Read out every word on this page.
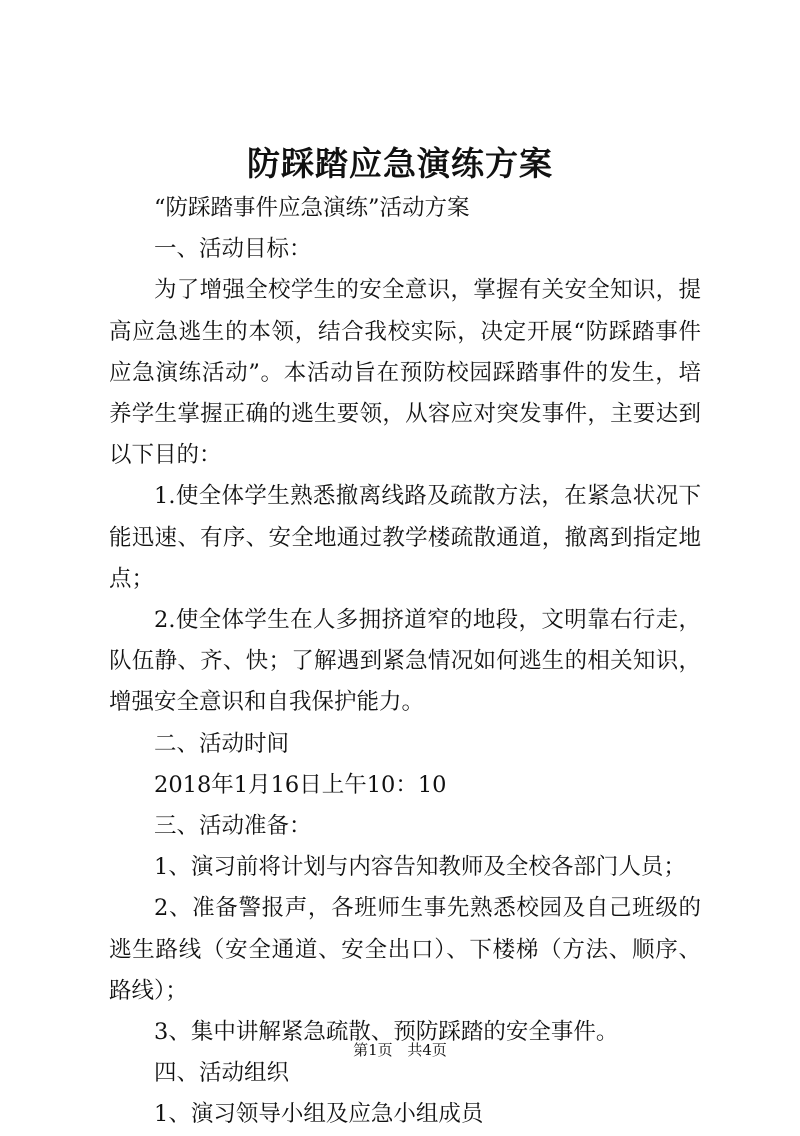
防踩踏应急演练方案

“防踩踏事件应急演练”活动方案

一、活动目标：

为了增强全校学生的安全意识，掌握有关安全知识，提高应急逃生的本领，结合我校实际，决定开展“防踩踏事件应急演练活动”。本活动旨在预防校园踩踏事件的发生，培养学生掌握正确的逃生要领，从容应对突发事件，主要达到以下目的：

1.使全体学生熟悉撤离线路及疏散方法，在紧急状况下能迅速、有序、安全地通过教学楼疏散通道，撤离到指定地点；

2.使全体学生在人多拥挤道窄的地段，文明靠右行走，队伍静、齐、快；了解遇到紧急情况如何逃生的相关知识，增强安全意识和自我保护能力。

二、活动时间

2018年1月16日上午10：10

三、活动准备：

1、演习前将计划与内容告知教师及全校各部门人员；

2、准备警报声，各班师生事先熟悉校园及自己班级的逃生路线（安全通道、安全出口）、下楼梯（方法、顺序、路线）；

3、集中讲解紧急疏散、预防踩踏的安全事件。

四、活动组织

1、演习领导小组及应急小组成员

第1页 共4页
